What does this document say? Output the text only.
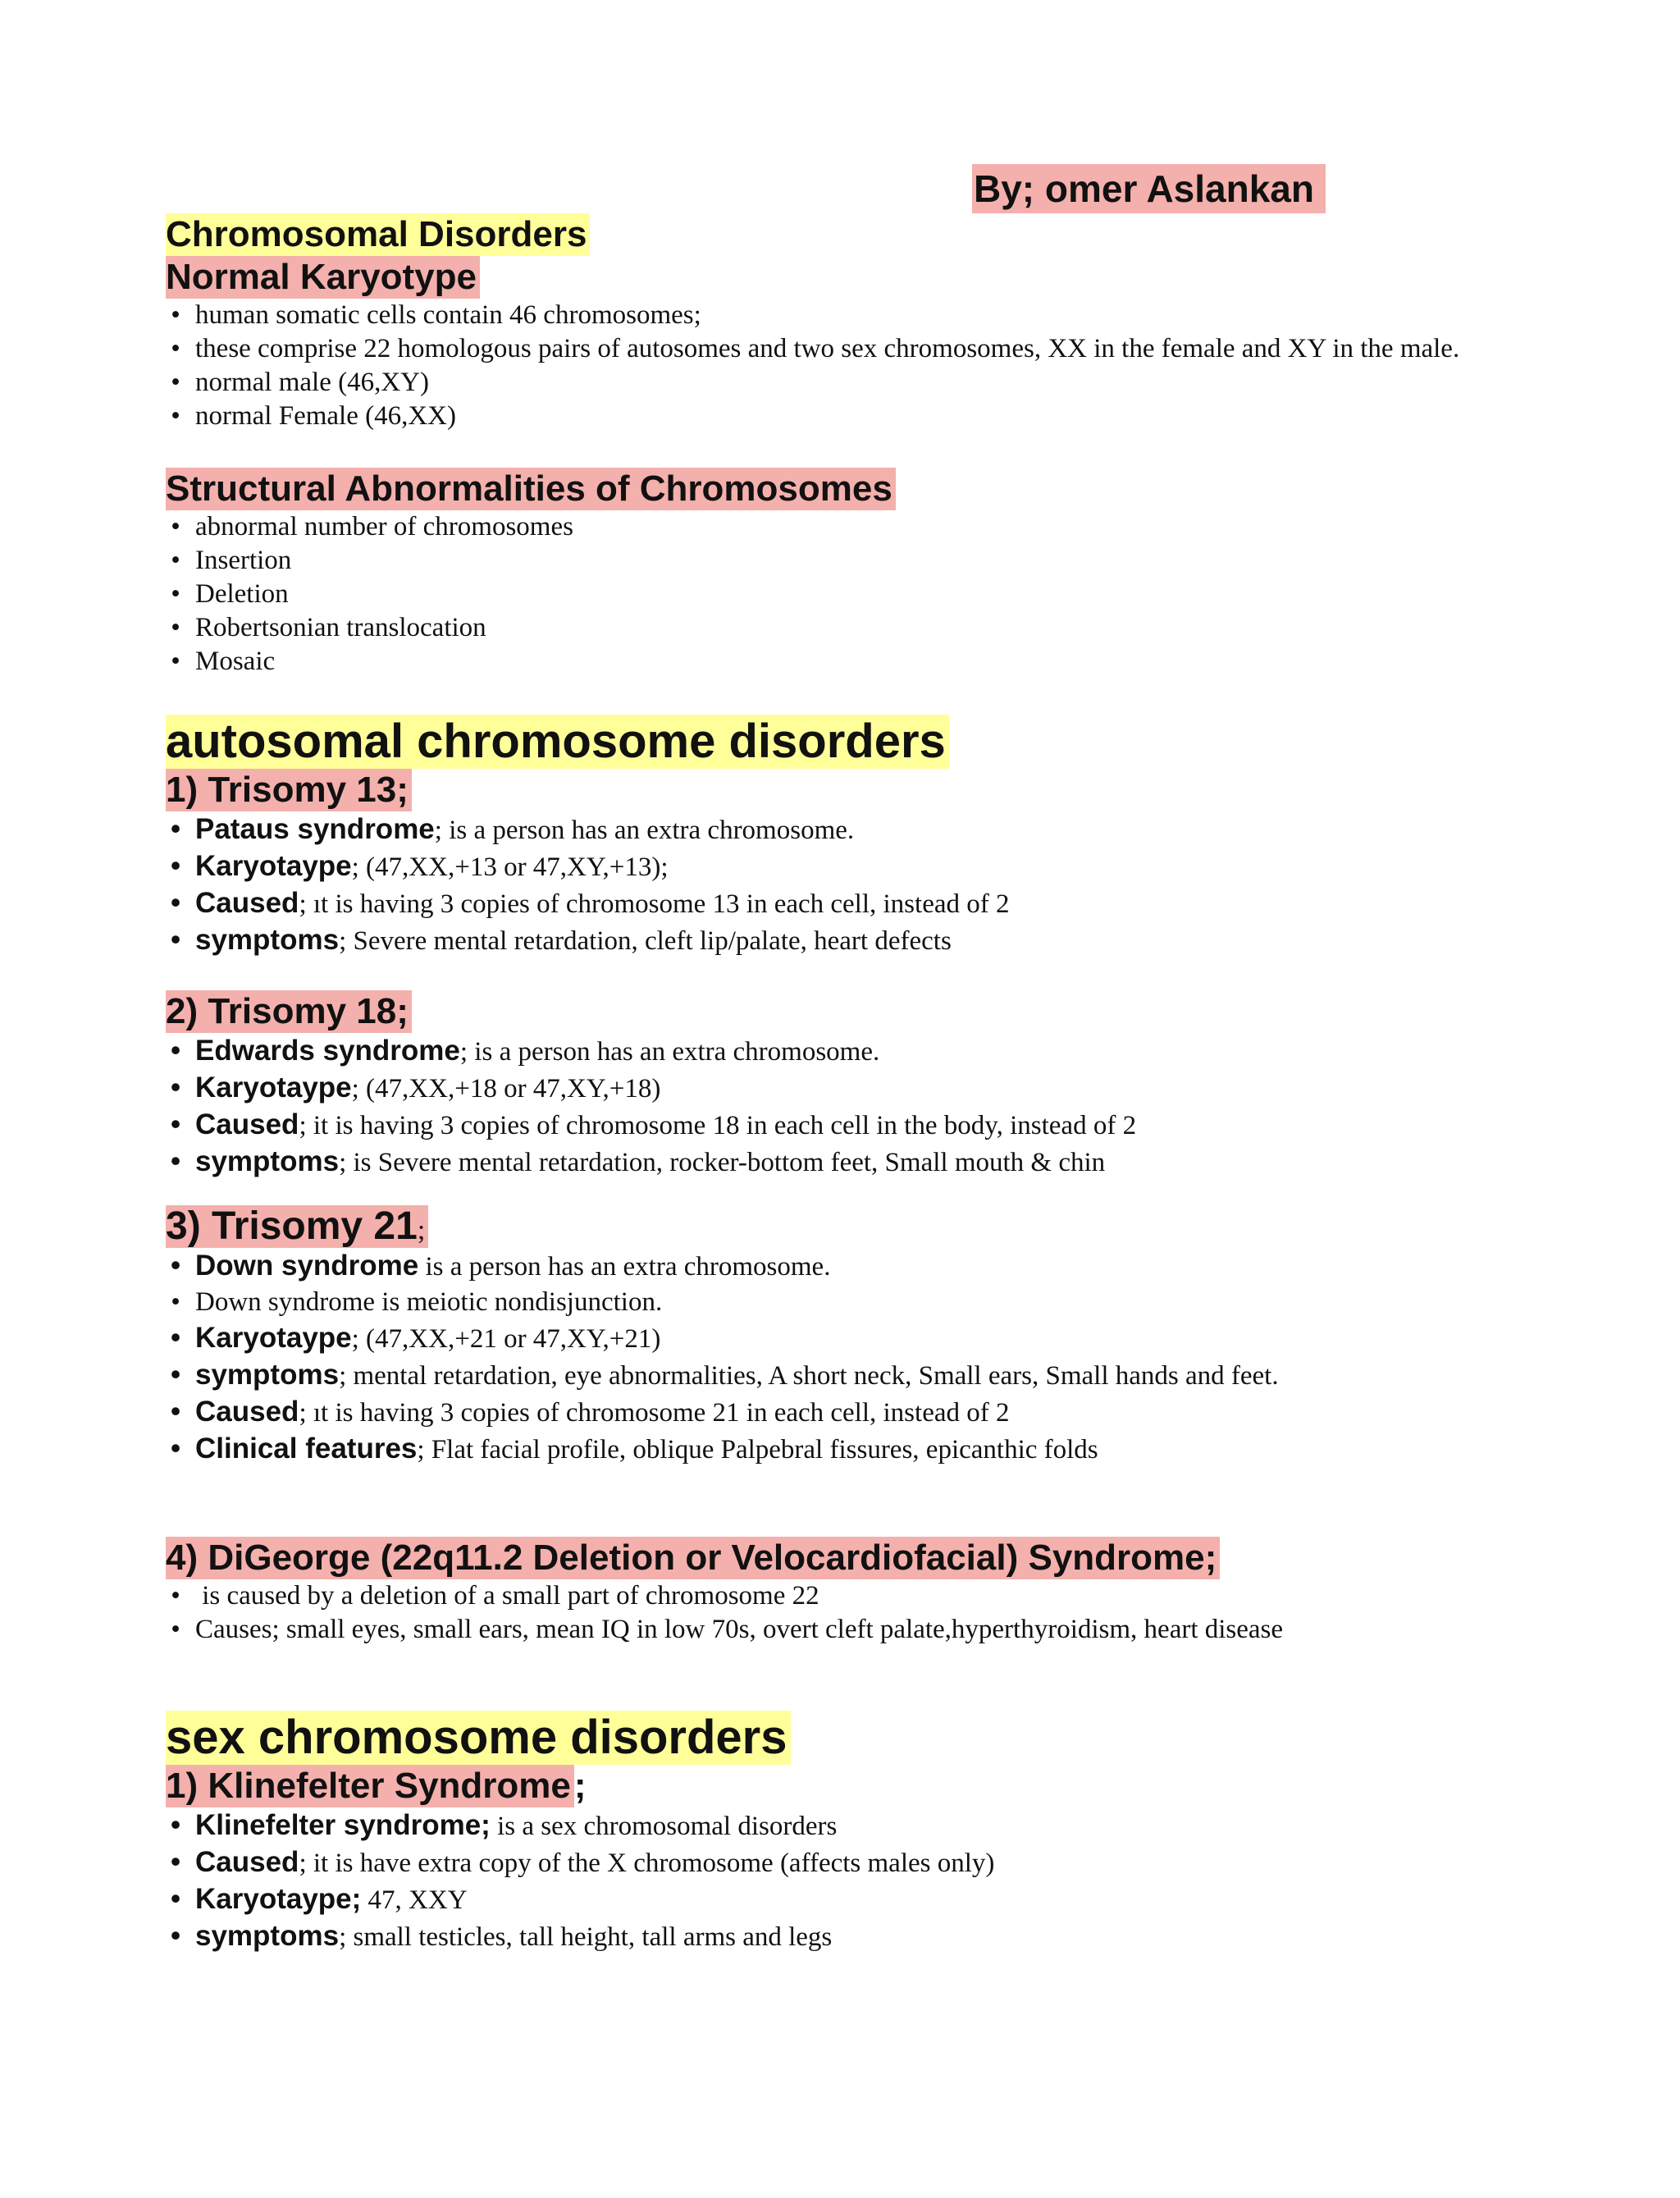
By; omer Aslankan
Chromosomal Disorders
Normal Karyotype
• human somatic cells contain 46 chromosomes;
• these comprise 22 homologous pairs of autosomes and two sex chromosomes, XX in the female and XY in the male.
• normal male (46,XY)
• normal Female (46,XX)
Structural Abnormalities of Chromosomes
• abnormal number of chromosomes
• Insertion
• Deletion
• Robertsonian translocation
• Mosaic
autosomal chromosome disorders
1) Trisomy 13;
• Pataus syndrome; is a person has an extra chromosome.
• Karyotaype; (47,XX,+13 or 47,XY,+13);
• Caused; ıt is having 3 copies of chromosome 13 in each cell, instead of 2
• symptoms; Severe mental retardation, cleft lip/palate, heart defects
2) Trisomy 18;
• Edwards syndrome; is a person has an extra chromosome.
• Karyotaype; (47,XX,+18 or 47,XY,+18)
• Caused; it is having 3 copies of chromosome 18 in each cell in the body, instead of 2
• symptoms; is Severe mental retardation, rocker-bottom feet, Small mouth & chin
3) Trisomy 21;
• Down syndrome is a person has an extra chromosome.
• Down syndrome is meiotic nondisjunction.
• Karyotaype; (47,XX,+21 or 47,XY,+21)
• symptoms; mental retardation, eye abnormalities, A short neck, Small ears, Small hands and feet.
• Caused; ıt is having 3 copies of chromosome 21 in each cell, instead of 2
• Clinical features; Flat facial profile, oblique Palpebral fissures, epicanthic folds
4) DiGeorge (22q11.2 Deletion or Velocardiofacial) Syndrome;
• is caused by a deletion of a small part of chromosome 22
• Causes; small eyes, small ears, mean IQ in low 70s, overt cleft palate,hyperthyroidism, heart disease
sex chromosome disorders
1) Klinefelter Syndrome;
• Klinefelter syndrome; is a sex chromosomal disorders
• Caused; it is have extra copy of the X chromosome (affects males only)
• Karyotaype; 47, XXY
• symptoms; small testicles, tall height, tall arms and legs
